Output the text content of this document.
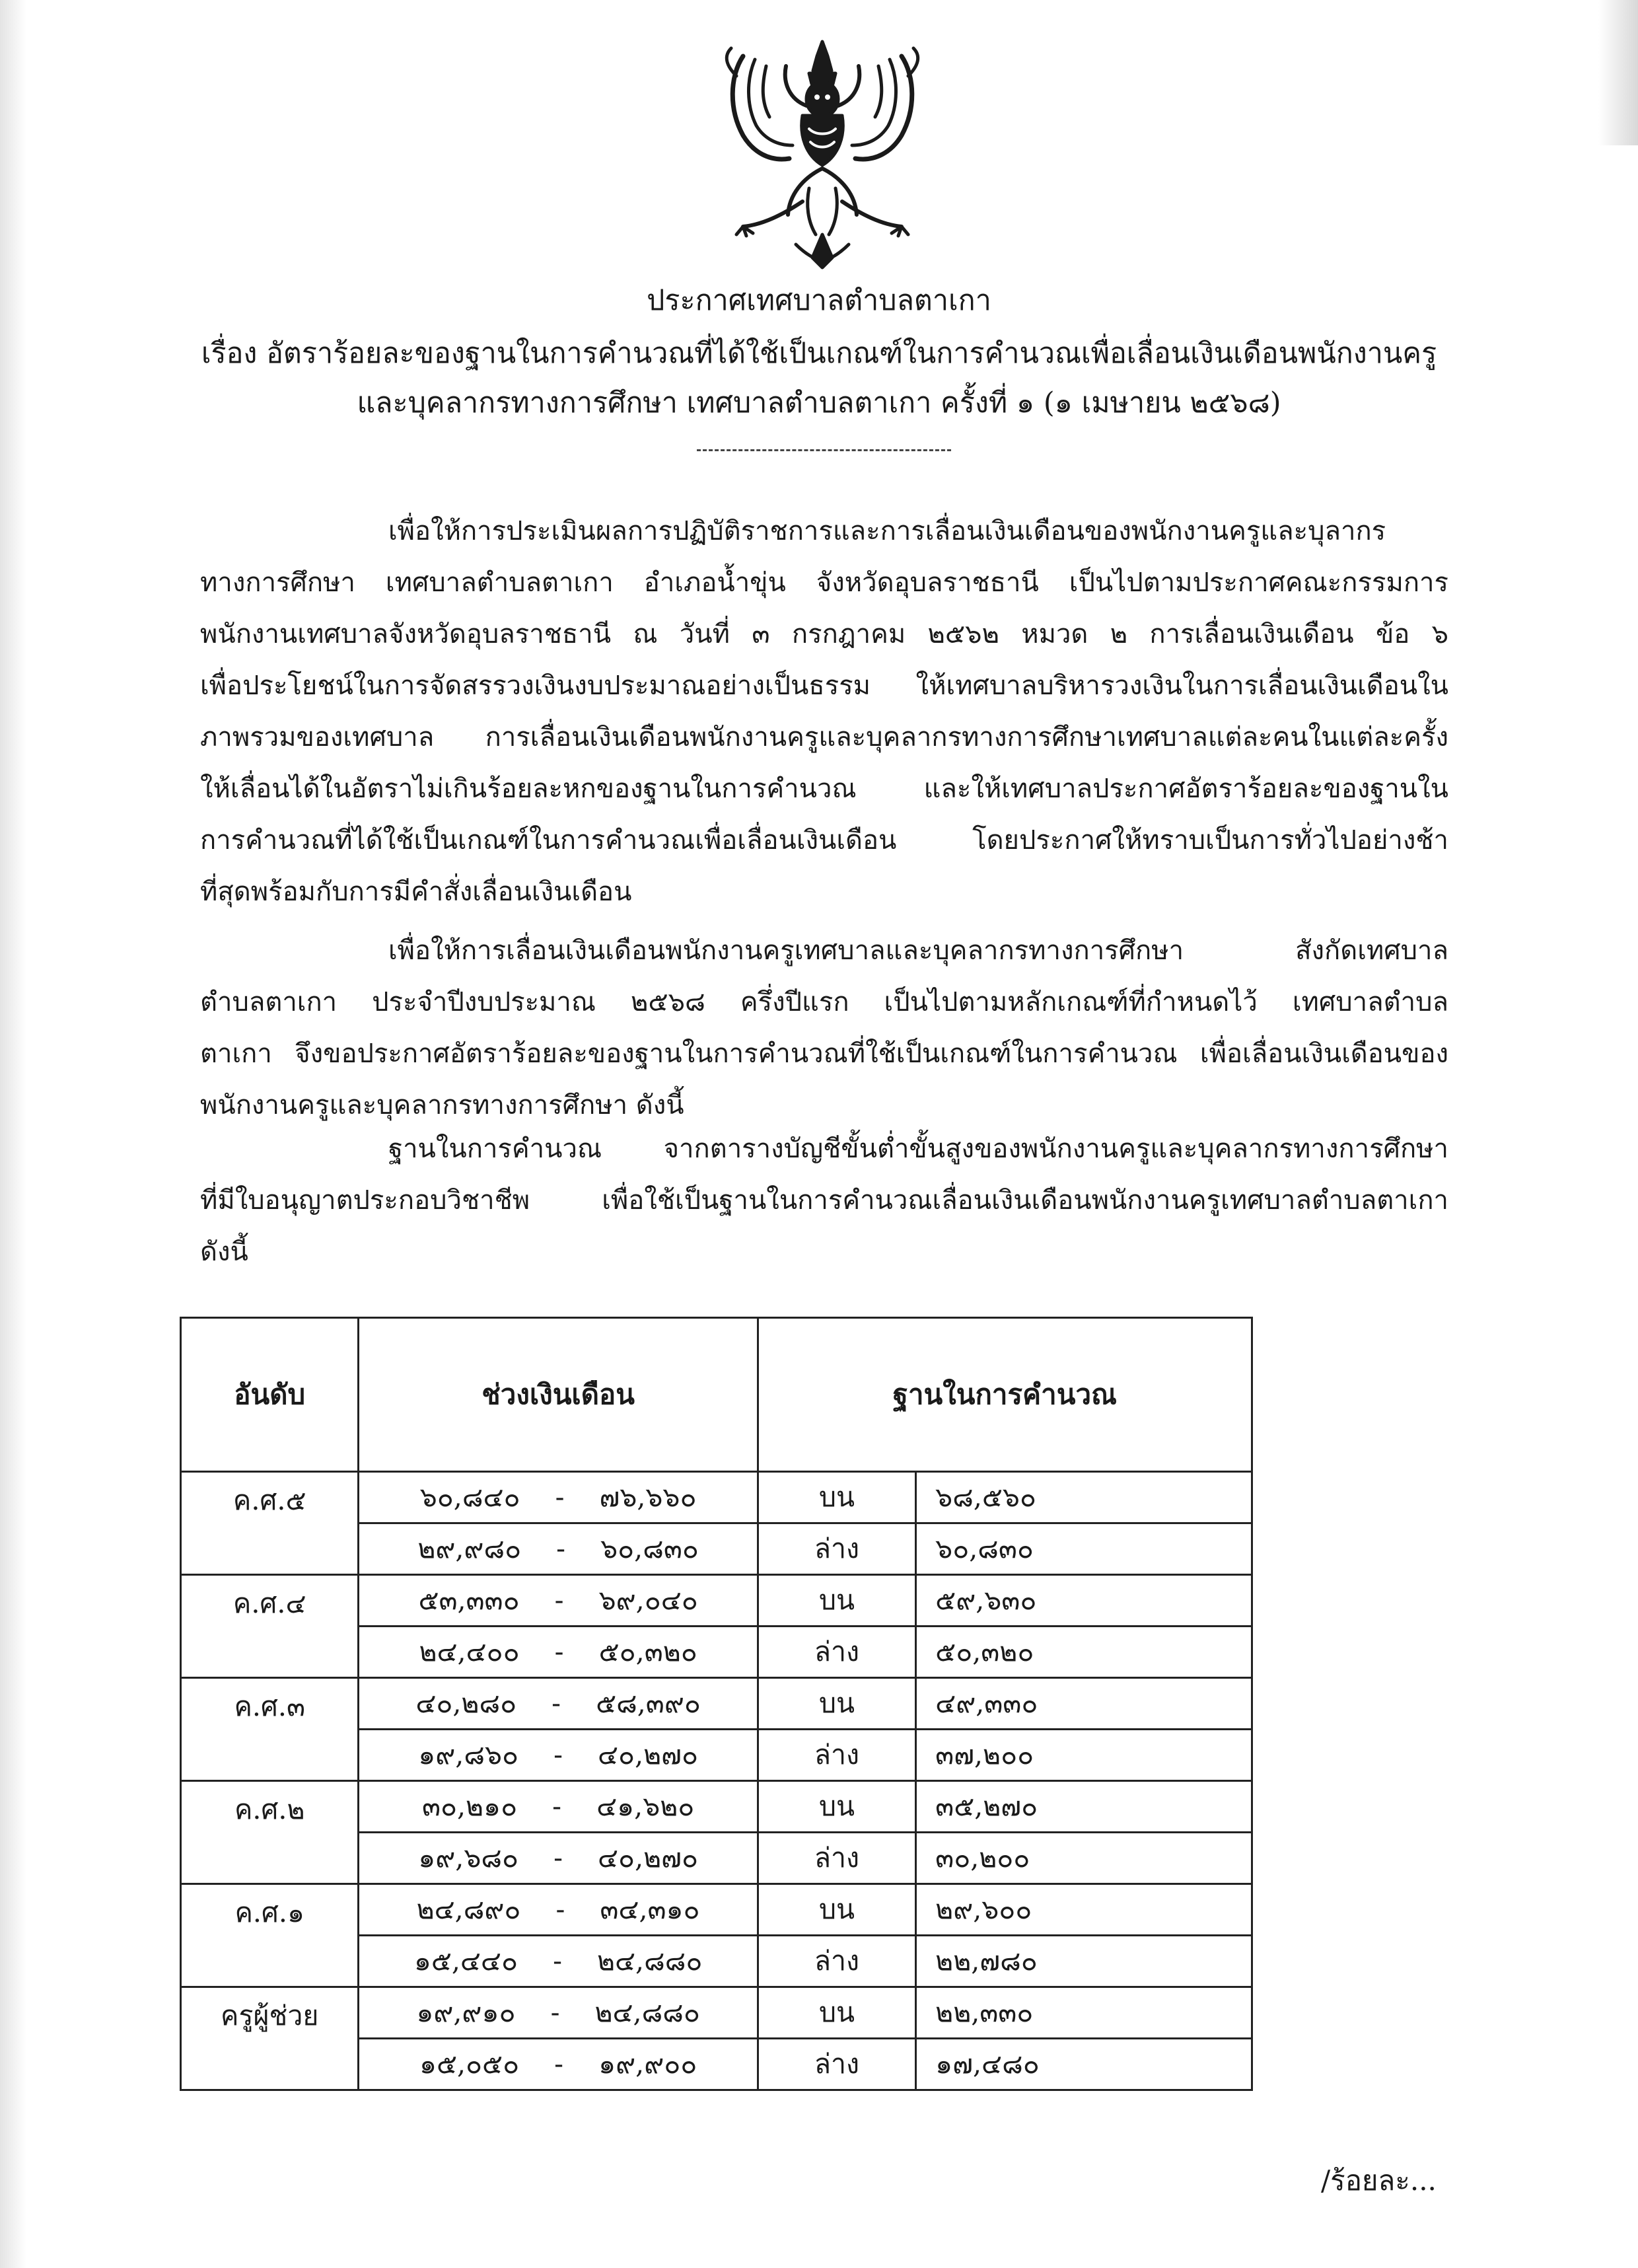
ประกาศเทศบาลตำบลตาเกา
เรื่อง อัตราร้อยละของฐานในการคำนวณที่ได้ใช้เป็นเกณฑ์ในการคำนวณเพื่อเลื่อนเงินเดือนพนักงานครู
และบุคลากรทางการศึกษา เทศบาลตำบลตาเกา ครั้งที่ ๑ (๑ เมษายน ๒๕๖๘)
เพื่อให้การประเมินผลการปฏิบัติราชการและการเลื่อนเงินเดือนของพนักงานครูและบุลากร
ทางการศึกษา เทศบาลตำบลตาเกา อำเภอน้ำขุ่น จังหวัดอุบลราชธานี เป็นไปตามประกาศคณะกรรมการ
พนักงานเทศบาลจังหวัดอุบลราชธานี ณ วันที่ ๓ กรกฎาคม ๒๕๖๒ หมวด ๒ การเลื่อนเงินเดือน ข้อ ๖
เพื่อประโยชน์ในการจัดสรรวงเงินงบประมาณอย่างเป็นธรรม ให้เทศบาลบริหารวงเงินในการเลื่อนเงินเดือนใน
ภาพรวมของเทศบาล การเลื่อนเงินเดือนพนักงานครูและบุคลากรทางการศึกษาเทศบาลแต่ละคนในแต่ละครั้ง
ให้เลื่อนได้ในอัตราไม่เกินร้อยละหกของฐานในการคำนวณ และให้เทศบาลประกาศอัตราร้อยละของฐานใน
การคำนวณที่ได้ใช้เป็นเกณฑ์ในการคำนวณเพื่อเลื่อนเงินเดือน โดยประกาศให้ทราบเป็นการทั่วไปอย่างช้า
ที่สุดพร้อมกับการมีคำสั่งเลื่อนเงินเดือน
เพื่อให้การเลื่อนเงินเดือนพนักงานครูเทศบาลและบุคลากรทางการศึกษา สังกัดเทศบาล
ตำบลตาเกา ประจำปีงบประมาณ ๒๕๖๘ ครึ่งปีแรก เป็นไปตามหลักเกณฑ์ที่กำหนดไว้ เทศบาลตำบล
ตาเกา จึงขอประกาศอัตราร้อยละของฐานในการคำนวณที่ใช้เป็นเกณฑ์ในการคำนวณ เพื่อเลื่อนเงินเดือนของ
พนักงานครูและบุคลากรทางการศึกษา ดังนี้
ฐานในการคำนวณ จากตารางบัญชีขั้นต่ำขั้นสูงของพนักงานครูและบุคลากรทางการศึกษา
ที่มีใบอนุญาตประกอบวิชาชีพ เพื่อใช้เป็นฐานในการคำนวณเลื่อนเงินเดือนพนักงานครูเทศบาลตำบลตาเกา
ดังนี้
อันดับ	ช่วงเงินเดือน	ฐานในการคำนวณ	
ค.ศ.๕	๖๐,๘๔๐ - ๗๖,๖๖๐	บน	๖๘,๕๖๐
	๒๙,๙๘๐ - ๖๐,๘๓๐	ล่าง	๖๐,๘๓๐
ค.ศ.๔	๕๓,๓๓๐ - ๖๙,๐๔๐	บน	๕๙,๖๓๐
	๒๔,๔๐๐ - ๕๐,๓๒๐	ล่าง	๕๐,๓๒๐
ค.ศ.๓	๔๐,๒๘๐ - ๕๘,๓๙๐	บน	๔๙,๓๓๐
	๑๙,๘๖๐ - ๔๐,๒๗๐	ล่าง	๓๗,๒๐๐
ค.ศ.๒	๓๐,๒๑๐ - ๔๑,๖๒๐	บน	๓๕,๒๗๐
	๑๙,๖๘๐ - ๔๐,๒๗๐	ล่าง	๓๐,๒๐๐
ค.ศ.๑	๒๔,๘๙๐ - ๓๔,๓๑๐	บน	๒๙,๖๐๐
	๑๕,๔๔๐ - ๒๔,๘๘๐	ล่าง	๒๒,๗๘๐
ครูผู้ช่วย	๑๙,๙๑๐ - ๒๔,๘๘๐	บน	๒๒,๓๓๐
	๑๕,๐๕๐ - ๑๙,๙๐๐	ล่าง	๑๗,๔๘๐
/ร้อยละ...
